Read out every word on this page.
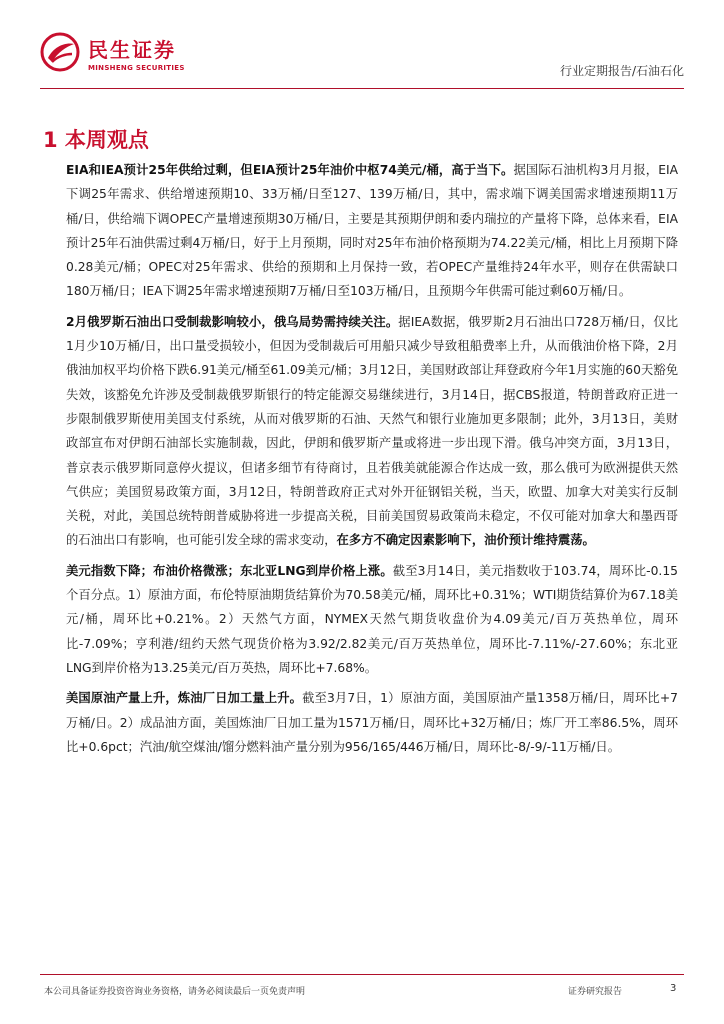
民生证券
MINSHENG SECURITIES	行业定期报告/石油石化
1 本周观点

EIA和IEA预计25年供给过剩，但EIA预计25年油价中枢74美元/桶，高于当下。据国际石油机构3月月报，EIA下调25年需求、供给增速预期10、33万桶/日至127、139万桶/日，其中，需求端下调美国需求增速预期11万桶/日，供给端下调OPEC产量增速预期30万桶/日，主要是其预期伊朗和委内瑞拉的产量将下降，总体来看，EIA预计25年石油供需过剩4万桶/日，好于上月预期，同时对25年布油价格预期为74.22美元/桶，相比上月预期下降0.28美元/桶；OPEC对25年需求、供给的预期和上月保持一致，若OPEC产量维持24年水平，则存在供需缺口180万桶/日；IEA下调25年需求增速预期7万桶/日至103万桶/日，且预期今年供需可能过剩60万桶/日。

2月俄罗斯石油出口受制裁影响较小，俄乌局势需持续关注。据IEA数据，俄罗斯2月石油出口728万桶/日，仅比1月少10万桶/日，出口量受损较小，但因为受制裁后可用船只减少导致租船费率上升，从而俄油价格下降，2月俄油加权平均价格下跌6.91美元/桶至61.09美元/桶；3月12日，美国财政部让拜登政府今年1月实施的60天豁免失效，该豁免允许涉及受制裁俄罗斯银行的特定能源交易继续进行，3月14日，据CBS报道，特朗普政府正进一步限制俄罗斯使用美国支付系统，从而对俄罗斯的石油、天然气和银行业施加更多限制；此外，3月13日，美财政部宣布对伊朗石油部长实施制裁，因此，伊朗和俄罗斯产量或将进一步出现下滑。俄乌冲突方面，3月13日，普京表示俄罗斯同意停火提议，但诸多细节有待商讨，且若俄美就能源合作达成一致，那么俄可为欧洲提供天然气供应；美国贸易政策方面，3月12日，特朗普政府正式对外开征钢铝关税，当天，欧盟、加拿大对美实行反制关税，对此，美国总统特朗普威胁将进一步提高关税，目前美国贸易政策尚未稳定，不仅可能对加拿大和墨西哥的石油出口有影响，也可能引发全球的需求变动，在多方不确定因素影响下，油价预计维持震荡。

美元指数下降；布油价格微涨；东北亚LNG到岸价格上涨。截至3月14日，美元指数收于103.74，周环比-0.15个百分点。1）原油方面，布伦特原油期货结算价为70.58美元/桶，周环比+0.31%；WTI期货结算价为67.18美元/桶，周环比+0.21%。2）天然气方面，NYMEX天然气期货收盘价为4.09美元/百万英热单位，周环比-7.09%；亨利港/纽约天然气现货价格为3.92/2.82美元/百万英热单位，周环比-7.11%/-27.60%；东北亚LNG到岸价格为13.25美元/百万英热，周环比+7.68%。

美国原油产量上升，炼油厂日加工量上升。截至3月7日，1）原油方面，美国原油产量1358万桶/日，周环比+7万桶/日。2）成品油方面，美国炼油厂日加工量为1571万桶/日，周环比+32万桶/日；炼厂开工率86.5%，周环比+0.6pct；汽油/航空煤油/馏分燃料油产量分别为956/165/446万桶/日，周环比-8/-9/-11万桶/日。

本公司具备证券投资咨询业务资格，请务必阅读最后一页免责声明	证券研究报告	3
